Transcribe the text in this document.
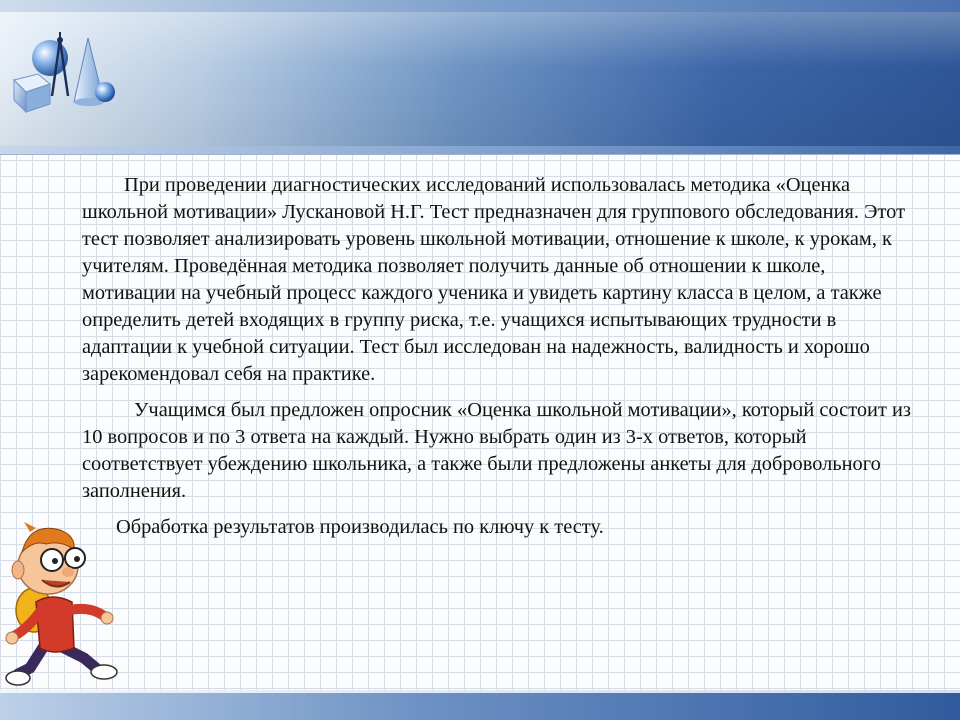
При проведении диагностических исследований использовалась методика «Оценка школьной мотивации» Лускановой Н.Г. Тест предназначен для группового обследования. Этот тест позволяет анализировать уровень школьной мотивации, отношение к школе, к урокам, к учителям. Проведённая методика позволяет получить данные об отношении к школе, мотивации на учебный процесс каждого ученика и увидеть картину класса в целом, а также определить детей входящих в группу риска, т.е. учащихся испытывающих трудности в адаптации к учебной ситуации. Тест был исследован на надежность, валидность и хорошо зарекомендовал себя на практике.

Учащимся был предложен опросник «Оценка школьной мотивации», который состоит из 10 вопросов и по 3 ответа на каждый. Нужно выбрать один из 3-х ответов, который соответствует убеждению школьника, а также были предложены анкеты для добровольного заполнения.

Обработка результатов производилась по ключу к тесту.
